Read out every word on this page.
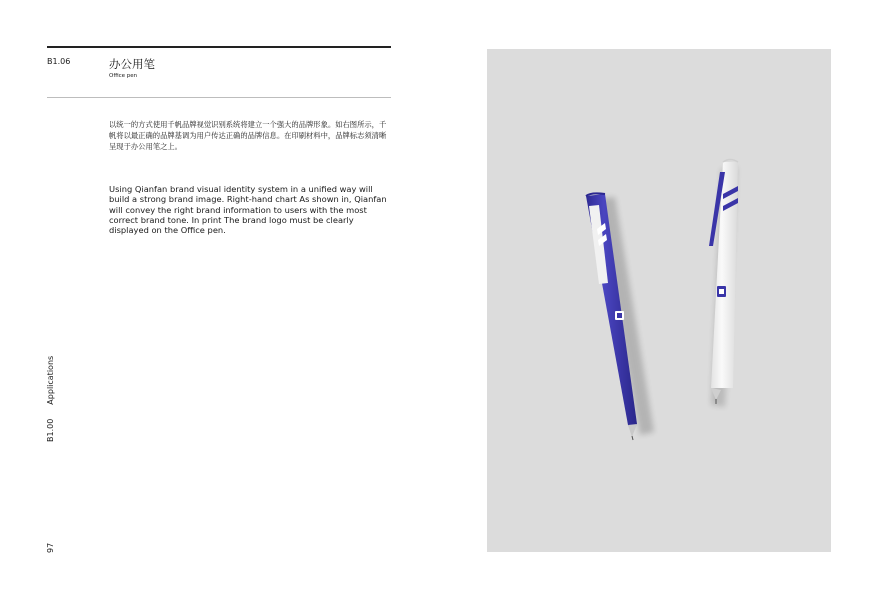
B1.06	办公用笔
Office pen

以统一的方式使用千帆品牌视觉识别系统将建立一个强大的品牌形象。如右图所示，千帆将以最正确的品牌基调为用户传达正确的品牌信息。在印刷材料中，品牌标志须清晰呈现于办公用笔之上。

Using Qianfan brand visual identity system in a unified way will build a strong brand image. Right-hand chart As shown in, Qianfan will convey the right brand information to users with the most correct brand tone. In print The brand logo must be clearly displayed on the Office pen.

B1.00Applications
97
